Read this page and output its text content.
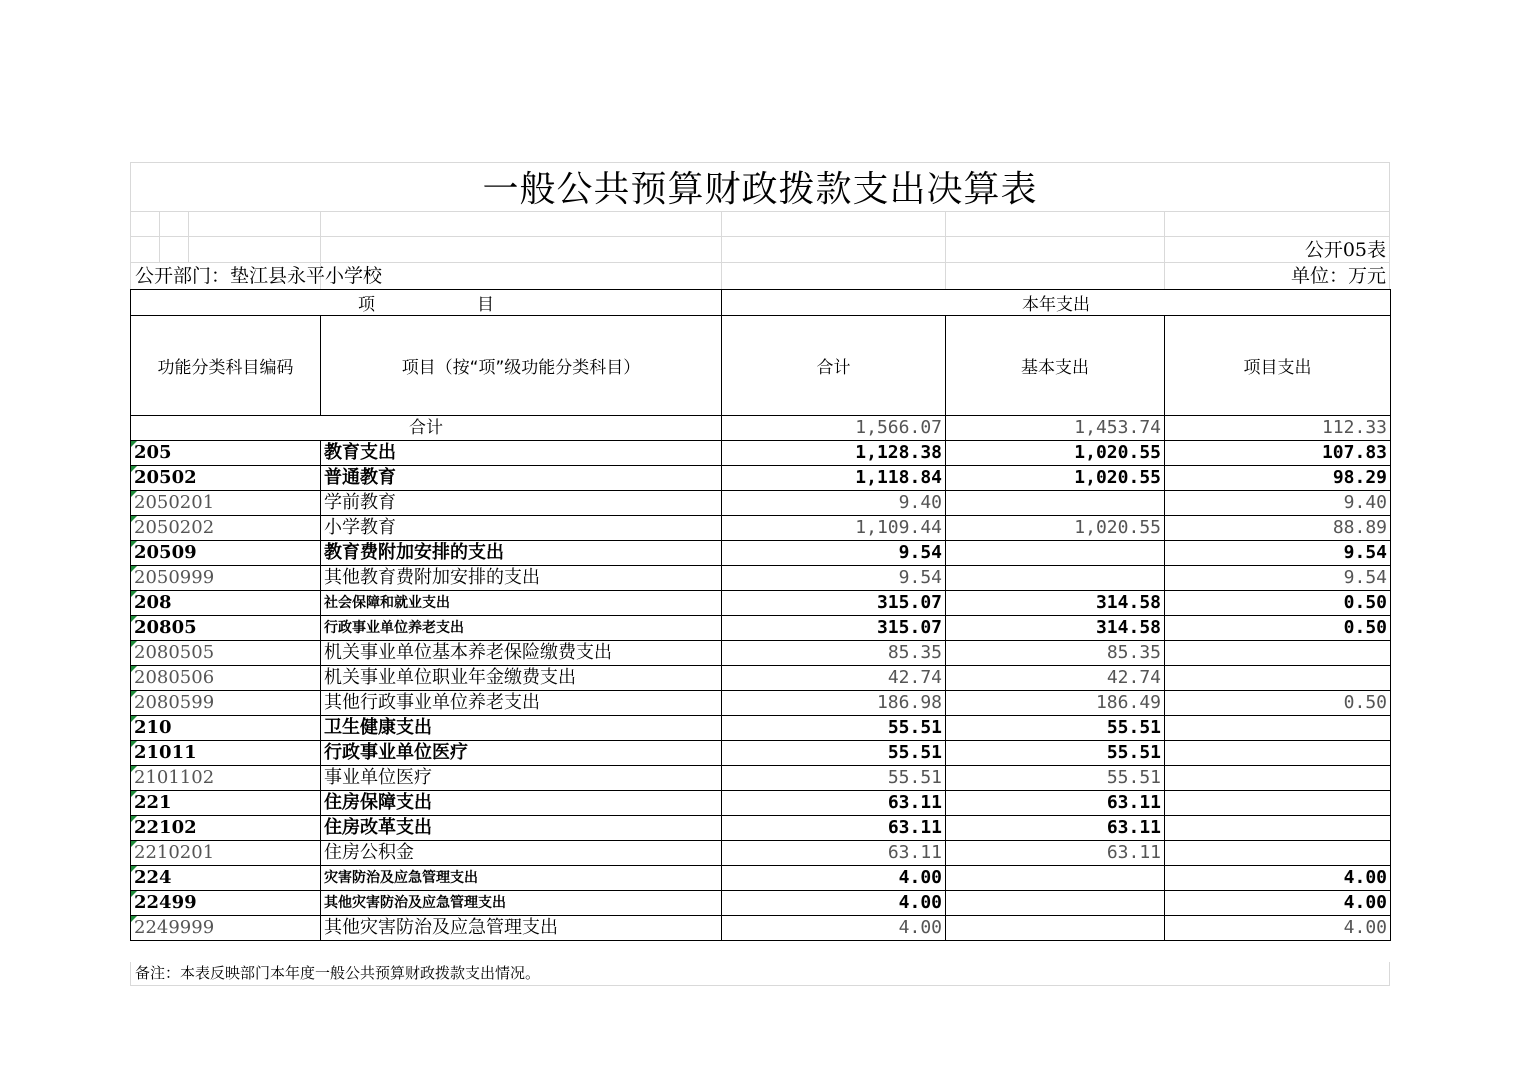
一般公共预算财政拨款支出决算表
公开05表
公开部门：垫江县永平小学校	单位：万元
项　　　　　　目		本年支出		
功能分类科目编码	项目（按“项”级功能分类科目）	合计	基本支出	项目支出
合计		1,566.07	1,453.74	112.33
205	教育支出	1,128.38	1,020.55	107.83
20502	普通教育	1,118.84	1,020.55	98.29
2050201	学前教育	9.40		9.40
2050202	小学教育	1,109.44	1,020.55	88.89
20509	教育费附加安排的支出	9.54		9.54
2050999	其他教育费附加安排的支出	9.54		9.54
208	社会保障和就业支出	315.07	314.58	0.50
20805	行政事业单位养老支出	315.07	314.58	0.50
2080505	机关事业单位基本养老保险缴费支出	85.35	85.35	
2080506	机关事业单位职业年金缴费支出	42.74	42.74	
2080599	其他行政事业单位养老支出	186.98	186.49	0.50
210	卫生健康支出	55.51	55.51	
21011	行政事业单位医疗	55.51	55.51	
2101102	事业单位医疗	55.51	55.51	
221	住房保障支出	63.11	63.11	
22102	住房改革支出	63.11	63.11	
2210201	住房公积金	63.11	63.11	
224	灾害防治及应急管理支出	4.00		4.00
22499	其他灾害防治及应急管理支出	4.00		4.00
2249999	其他灾害防治及应急管理支出	4.00		4.00
备注：本表反映部门本年度一般公共预算财政拨款支出情况。
